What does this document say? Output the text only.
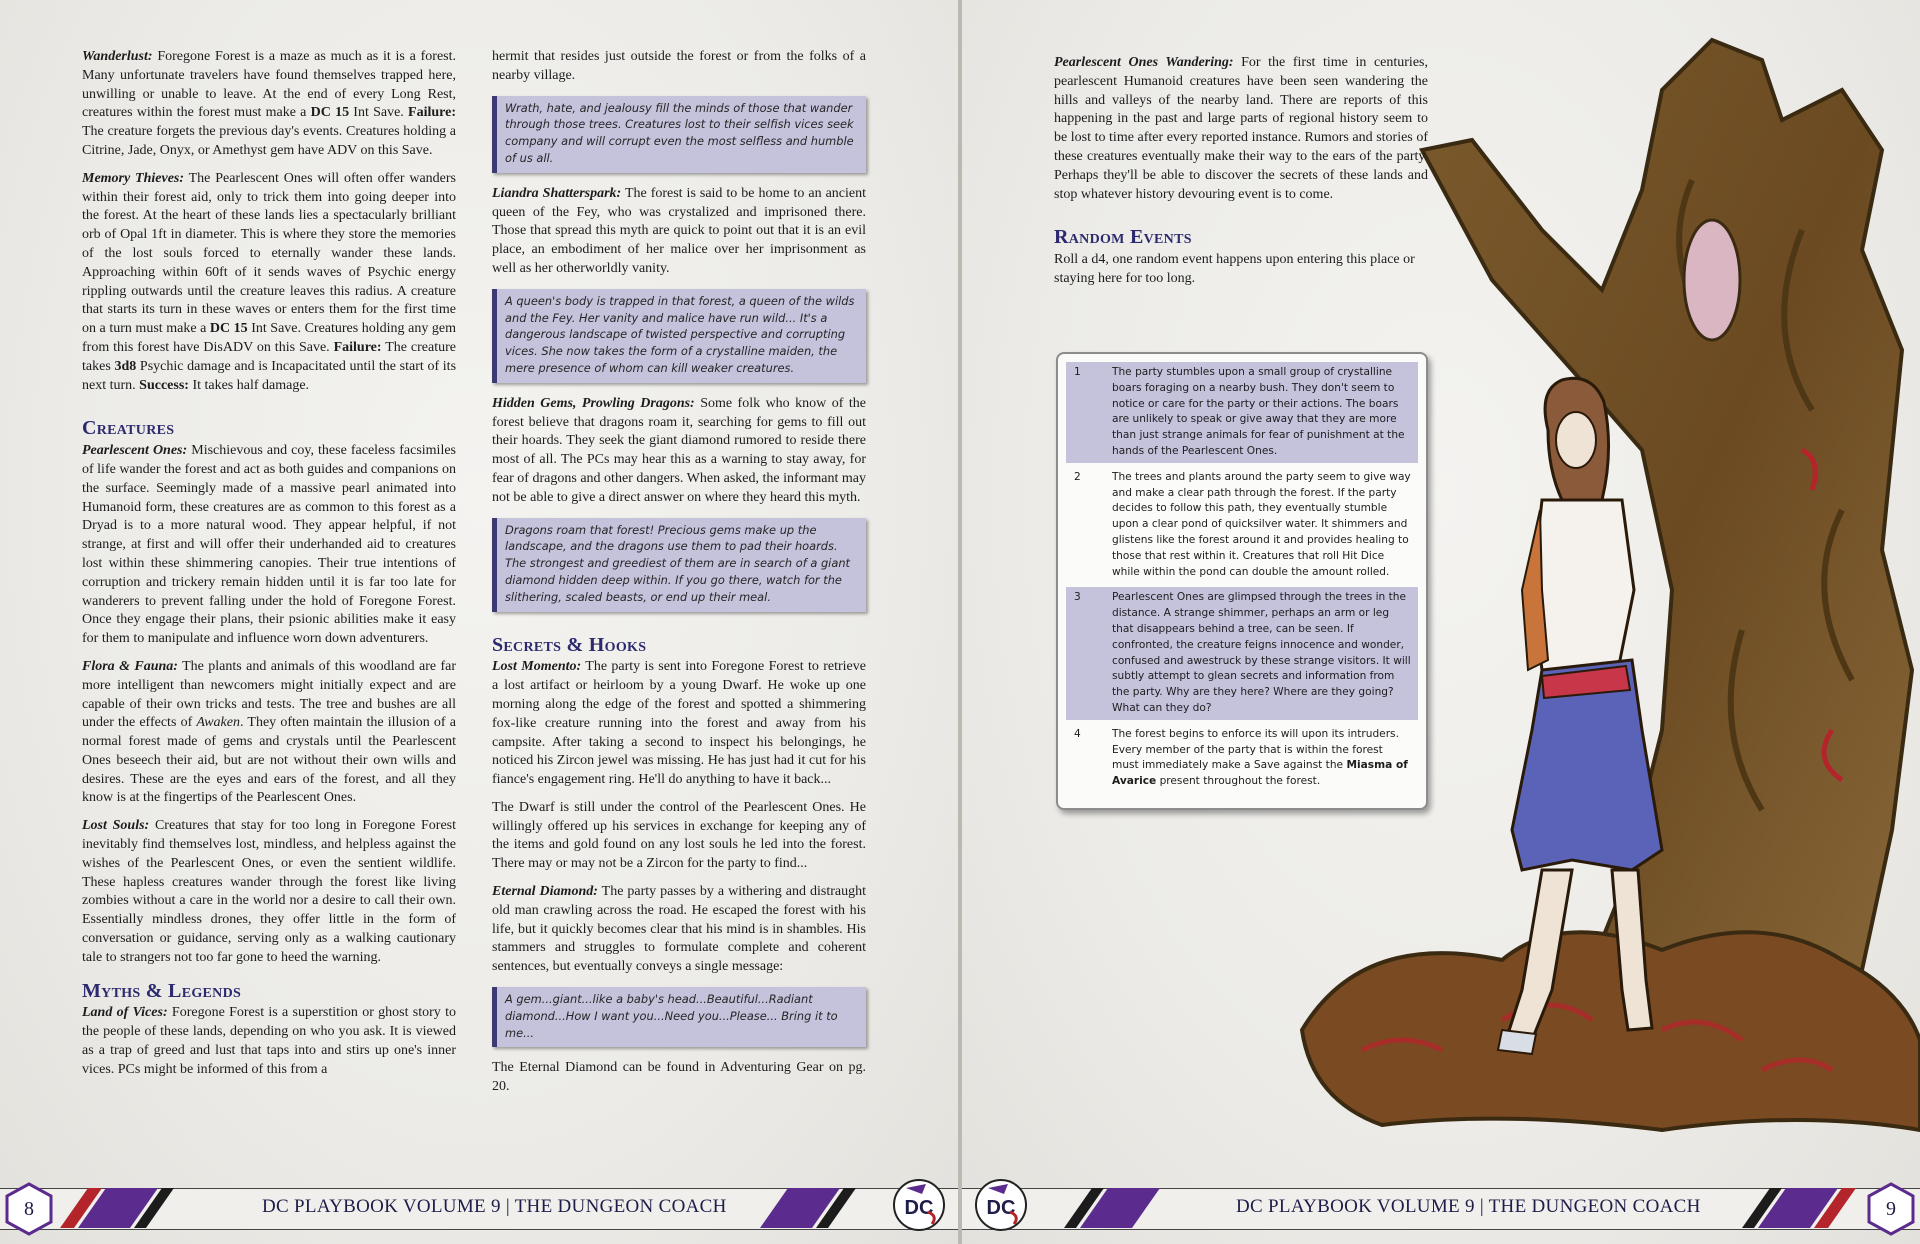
Wanderlust: Foregone Forest is a maze as much as it is a forest. Many unfortunate travelers have found themselves trapped here, unwilling or unable to leave. At the end of every Long Rest, creatures within the forest must make a DC 15 Int Save. Failure: The creature forgets the previous day's events. Creatures holding a Citrine, Jade, Onyx, or Amethyst gem have ADV on this Save.

Memory Thieves: The Pearlescent Ones will often offer wanders within their forest aid, only to trick them into going deeper into the forest. At the heart of these lands lies a spectacularly brilliant orb of Opal 1ft in diameter. This is where they store the memories of the lost souls forced to eternally wander these lands. Approaching within 60ft of it sends waves of Psychic energy rippling outwards until the creature leaves this radius. A creature that starts its turn in these waves or enters them for the first time on a turn must make a DC 15 Int Save. Creatures holding any gem from this forest have DisADV on this Save. Failure: The creature takes 3d8 Psychic damage and is Incapacitated until the start of its next turn. Success: It takes half damage.

Creatures

Pearlescent Ones: Mischievous and coy, these faceless facsimiles of life wander the forest and act as both guides and companions on the surface. Seemingly made of a massive pearl animated into Humanoid form, these creatures are as common to this forest as a Dryad is to a more natural wood. They appear helpful, if not strange, at first and will offer their underhanded aid to creatures lost within these shimmering canopies. Their true intentions of corruption and trickery remain hidden until it is far too late for wanderers to prevent falling under the hold of Foregone Forest. Once they engage their plans, their psionic abilities make it easy for them to manipulate and influence worn down adventurers.

Flora & Fauna: The plants and animals of this woodland are far more intelligent than newcomers might initially expect and are capable of their own tricks and tests. The tree and bushes are all under the effects of Awaken. They often maintain the illusion of a normal forest made of gems and crystals until the Pearlescent Ones beseech their aid, but are not without their own wills and desires. These are the eyes and ears of the forest, and all they know is at the fingertips of the Pearlescent Ones.

Lost Souls: Creatures that stay for too long in Foregone Forest inevitably find themselves lost, mindless, and helpless against the wishes of the Pearlescent Ones, or even the sentient wildlife. These hapless creatures wander through the forest like living zombies without a care in the world nor a desire to call their own. Essentially mindless drones, they offer little in the form of conversation or guidance, serving only as a walking cautionary tale to strangers not too far gone to heed the warning.

Myths & Legends

Land of Vices: Foregone Forest is a superstition or ghost story to the people of these lands, depending on who you ask. It is viewed as a trap of greed and lust that taps into and stirs up one's inner vices. PCs might be informed of this from a

hermit that resides just outside the forest or from the folks of a nearby village.

Wrath, hate, and jealousy fill the minds of those that wander through those trees. Creatures lost to their selfish vices seek company and will corrupt even the most selfless and humble of us all.

Liandra Shatterspark: The forest is said to be home to an ancient queen of the Fey, who was crystalized and imprisoned there. Those that spread this myth are quick to point out that it is an evil place, an embodiment of her malice over her imprisonment as well as her otherworldly vanity.

A queen's body is trapped in that forest, a queen of the wilds and the Fey. Her vanity and malice have run wild... It's a dangerous landscape of twisted perspective and corrupting vices. She now takes the form of a crystalline maiden, the mere presence of whom can kill weaker creatures.

Hidden Gems, Prowling Dragons: Some folk who know of the forest believe that dragons roam it, searching for gems to fill out their hoards. They seek the giant diamond rumored to reside there most of all. The PCs may hear this as a warning to stay away, for fear of dragons and other dangers. When asked, the informant may not be able to give a direct answer on where they heard this myth.

Dragons roam that forest! Precious gems make up the landscape, and the dragons use them to pad their hoards. The strongest and greediest of them are in search of a giant diamond hidden deep within. If you go there, watch for the slithering, scaled beasts, or end up their meal.
Secrets & Hooks

Lost Momento: The party is sent into Foregone Forest to retrieve a lost artifact or heirloom by a young Dwarf. He woke up one morning along the edge of the forest and spotted a shimmering fox-like creature running into the forest and away from his campsite. After taking a second to inspect his belongings, he noticed his Zircon jewel was missing. He has just had it cut for his fiance's engagement ring. He'll do anything to have it back...

The Dwarf is still under the control of the Pearlescent Ones. He willingly offered up his services in exchange for keeping any of the items and gold found on any lost souls he led into the forest. There may or may not be a Zircon for the party to find...

Eternal Diamond: The party passes by a withering and distraught old man crawling across the road. He escaped the forest with his life, but it quickly becomes clear that his mind is in shambles. His stammers and struggles to formulate complete and coherent sentences, but eventually conveys a single message:

A gem...giant...like a baby's head...Beautiful...Radiant diamond...How I want you...Need you...Please... Bring it to me...

The Eternal Diamond can be found in Adventuring Gear on pg. 20.

8	DC PLAYBOOK VOLUME 9 | THE DUNGEON COACH	DC

Pearlescent Ones Wandering: For the first time in centuries, pearlescent Humanoid creatures have been seen wandering the hills and valleys of the nearby land. There are reports of this happening in the past and large parts of regional history seem to be lost to time after every reported instance. Rumors and stories of these creatures eventually make their way to the ears of the party. Perhaps they'll be able to discover the secrets of these lands and stop whatever history devouring event is to come.

Random Events

Roll a d4, one random event happens upon entering this place or staying here for too long.

1	The party stumbles upon a small group of crystalline boars foraging on a nearby bush. They don't seem to notice or care for the party or their actions. The boars are unlikely to speak or give away that they are more than just strange animals for fear of punishment at the hands of the Pearlescent Ones.
2	The trees and plants around the party seem to give way and make a clear path through the forest. If the party decides to follow this path, they eventually stumble upon a clear pond of quicksilver water. It shimmers and glistens like the forest around it and provides healing to those that rest within it. Creatures that roll Hit Dice while within the pond can double the amount rolled.
3	Pearlescent Ones are glimpsed through the trees in the distance. A strange shimmer, perhaps an arm or leg that disappears behind a tree, can be seen. If confronted, the creature feigns innocence and wonder, confused and awestruck by these strange visitors. It will subtly attempt to glean secrets and information from the party. Why are they here? Where are they going? What can they do?
4	The forest begins to enforce its will upon its intruders. Every member of the party that is within the forest must immediately make a Save against the Miasma of Avarice present throughout the forest.
DC	DC PLAYBOOK VOLUME 9 | THE DUNGEON COACH	9
